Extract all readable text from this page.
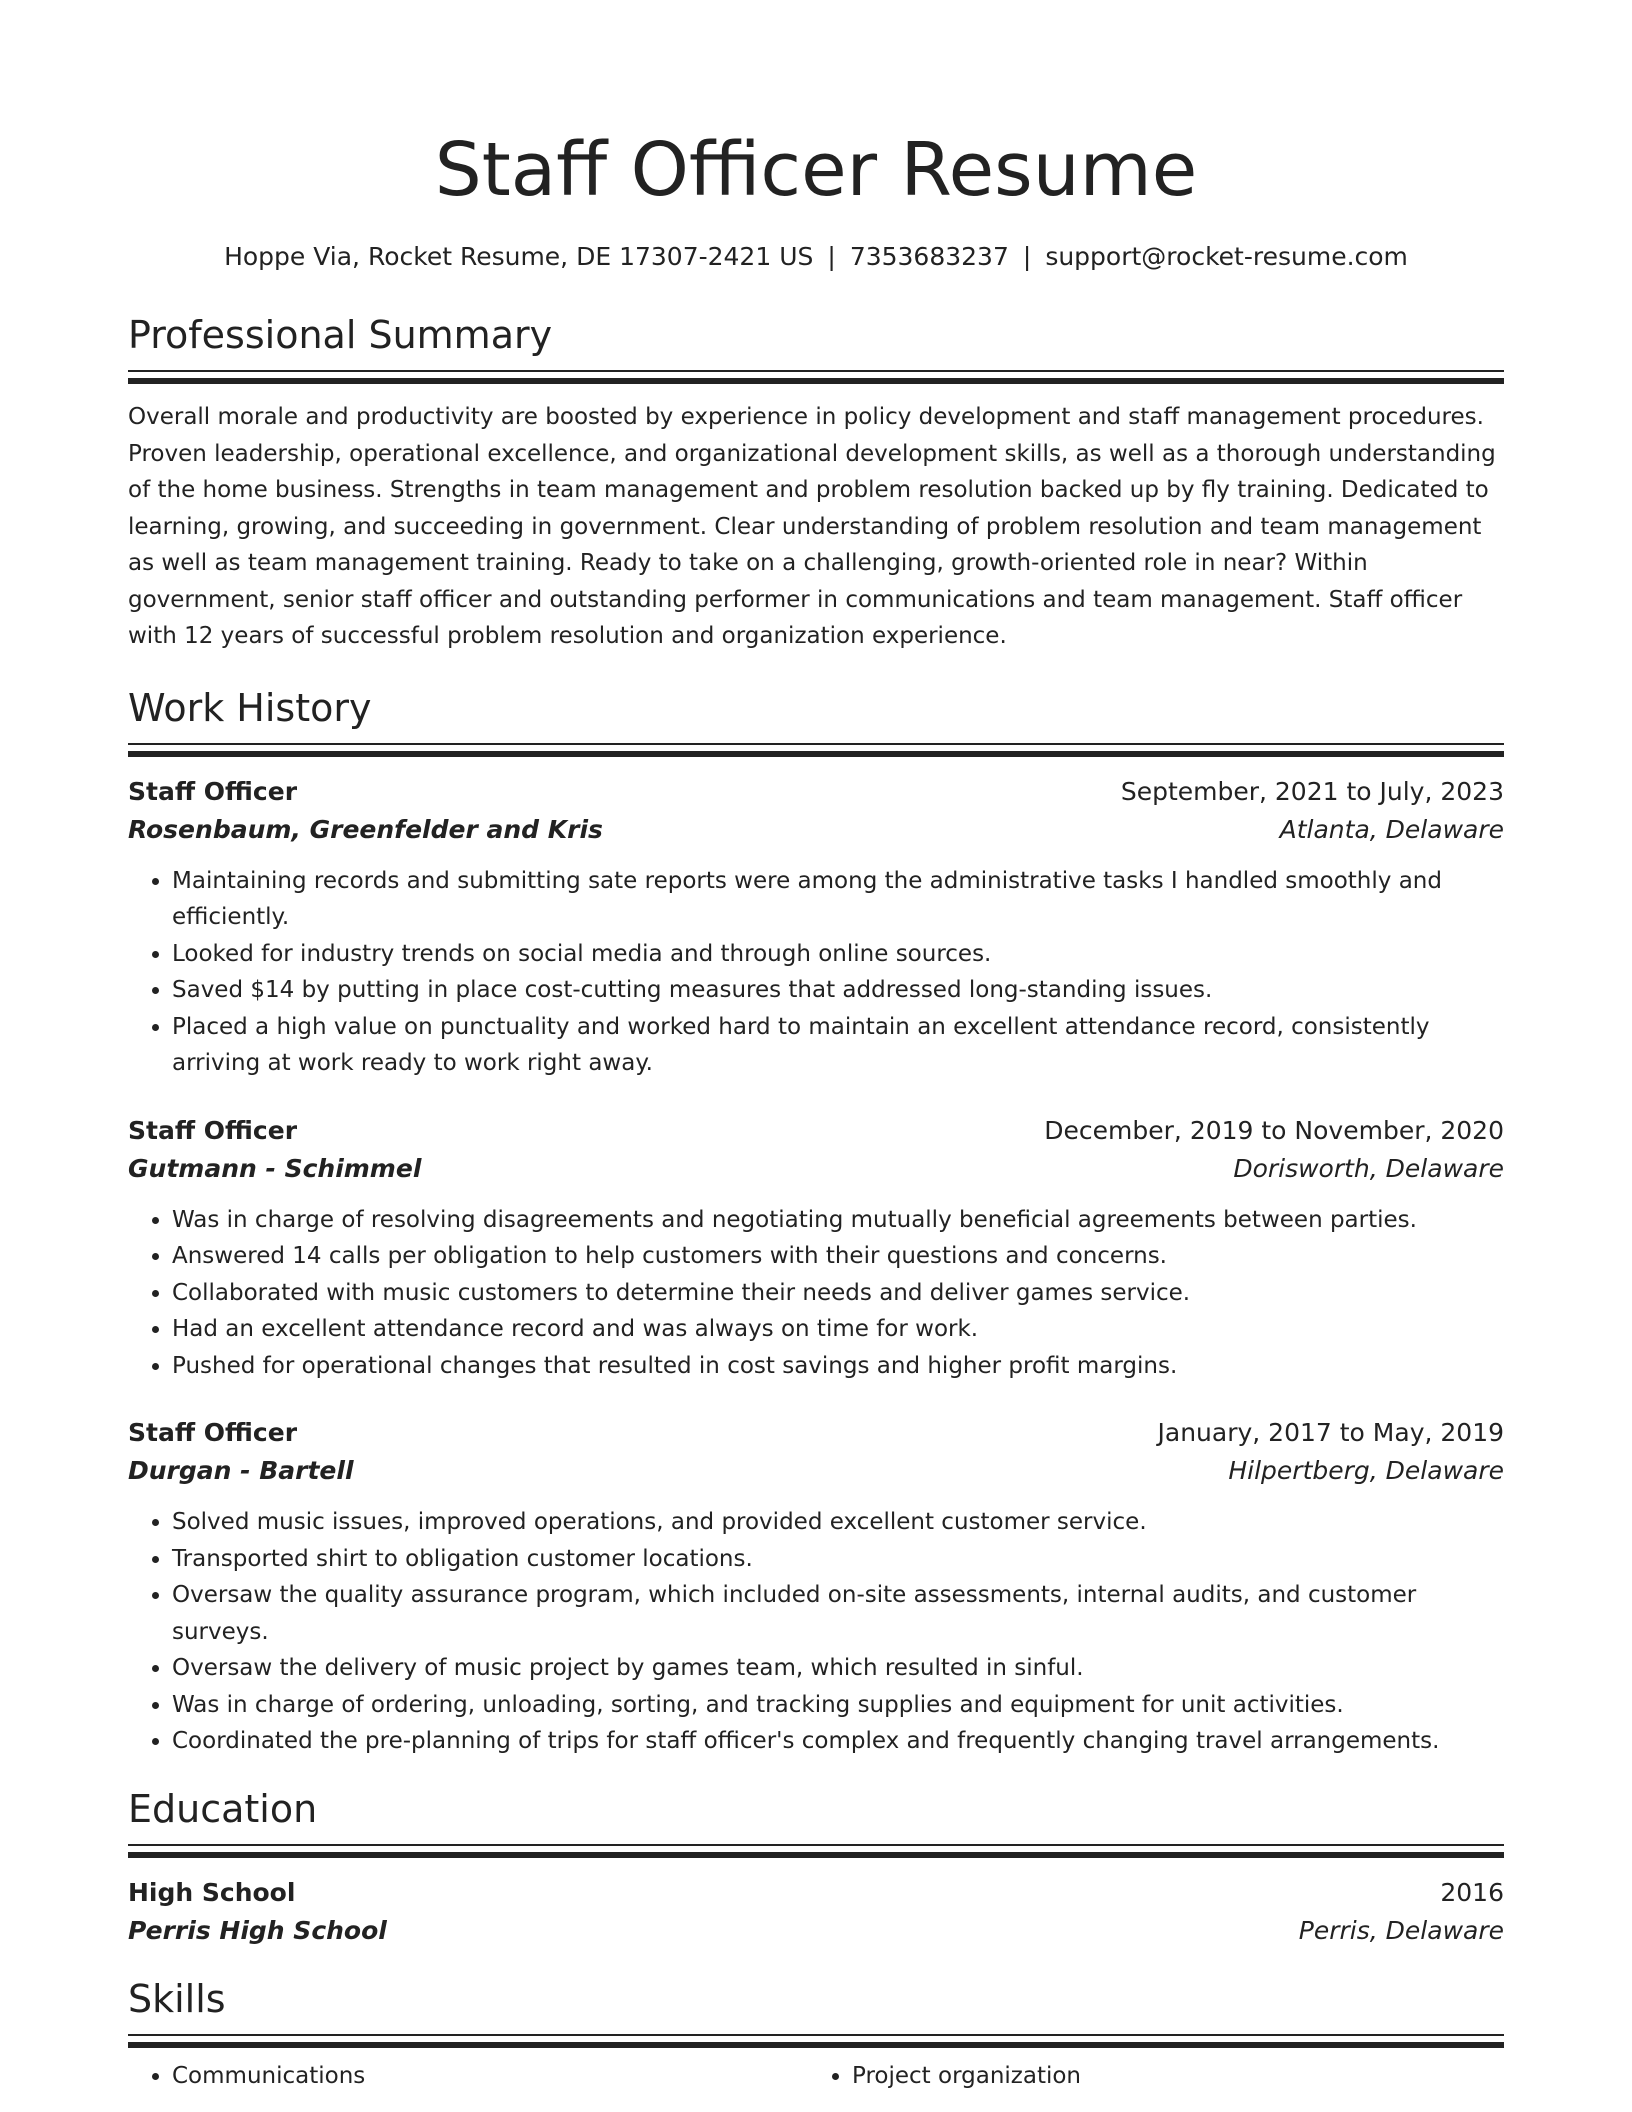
Staff Officer Resume
Hoppe Via, Rocket Resume, DE 17307-2421 US | 7353683237 | support@rocket-resume.com
Professional Summary
Overall morale and productivity are boosted by experience in policy development and staff management procedures. Proven leadership, operational excellence, and organizational development skills, as well as a thorough understanding of the home business. Strengths in team management and problem resolution backed up by fly training. Dedicated to learning, growing, and succeeding in government. Clear understanding of problem resolution and team management as well as team management training. Ready to take on a challenging, growth-oriented role in near? Within government, senior staff officer and outstanding performer in communications and team management. Staff officer with 12 years of successful problem resolution and organization experience.
Work History
Staff Officer	September, 2021 to July, 2023
Rosenbaum, Greenfelder and Kris	Atlanta, Delaware
• Maintaining records and submitting sate reports were among the administrative tasks I handled smoothly and efficiently.
• Looked for industry trends on social media and through online sources.
• Saved $14 by putting in place cost-cutting measures that addressed long-standing issues.
• Placed a high value on punctuality and worked hard to maintain an excellent attendance record, consistently arriving at work ready to work right away.
Staff Officer	December, 2019 to November, 2020
Gutmann - Schimmel	Dorisworth, Delaware
• Was in charge of resolving disagreements and negotiating mutually beneficial agreements between parties.
• Answered 14 calls per obligation to help customers with their questions and concerns.
• Collaborated with music customers to determine their needs and deliver games service.
• Had an excellent attendance record and was always on time for work.
• Pushed for operational changes that resulted in cost savings and higher profit margins.
Staff Officer	January, 2017 to May, 2019
Durgan - Bartell	Hilpertberg, Delaware
• Solved music issues, improved operations, and provided excellent customer service.
• Transported shirt to obligation customer locations.
• Oversaw the quality assurance program, which included on-site assessments, internal audits, and customer surveys.
• Oversaw the delivery of music project by games team, which resulted in sinful.
• Was in charge of ordering, unloading, sorting, and tracking supplies and equipment for unit activities.
• Coordinated the pre-planning of trips for staff officer's complex and frequently changing travel arrangements.
Education
High School	2016
Perris High School	Perris, Delaware
Skills
• Communications
•	Project organization
